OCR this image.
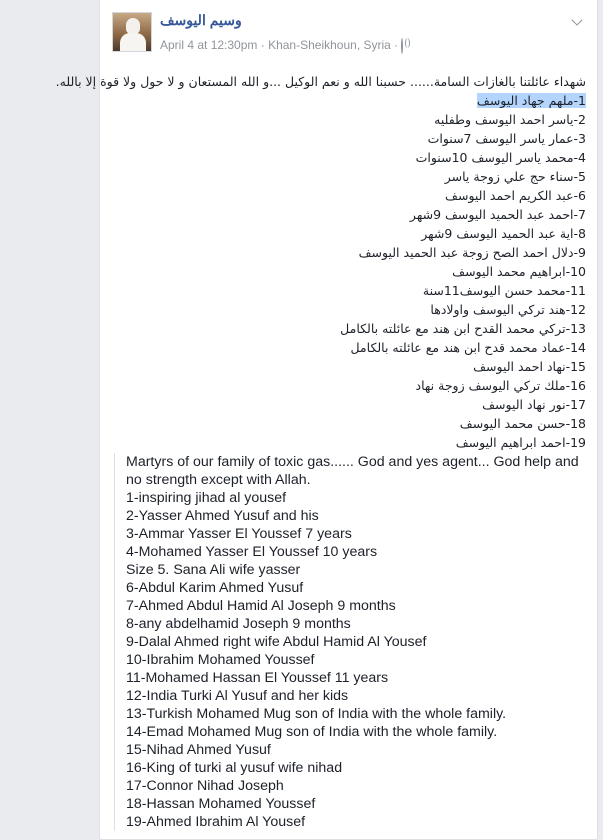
وسيم اليوسف
April 4 at 12:30pm · Khan-Sheikhoun, Syria ·
شهداء عائلتنا بالغازات السامة...... حسبنا الله و نعم الوكيل ...و الله المستعان و لا حول ولا قوة إلا بالله.
1-ملهم جهاد اليوسف
2-ياسر احمد اليوسف وطفليه
3-عمار ياسر اليوسف 7سنوات
4-محمد ياسر اليوسف 10سنوات
5-سناء حج علي زوجة ياسر
6-عبد الكريم احمد اليوسف
7-احمد عبد الحميد اليوسف 9شهر
8-اية عبد الحميد اليوسف 9شهر
9-دلال احمد الصح زوجة عبد الحميد اليوسف
10-ابراهيم محمد اليوسف
11-محمد حسن اليوسف11سنة
12-هند تركي اليوسف واولادها
13-تركي محمد القدح ابن هند مع عائلته بالكامل
14-عماد محمد قدح ابن هند مع عائلته بالكامل
15-نهاد احمد اليوسف
16-ملك تركي اليوسف زوجة نهاد
17-نور نهاد اليوسف
18-حسن محمد اليوسف
19-احمد ابراهيم اليوسف
Martyrs of our family of toxic gas...... God and yes agent... God help and
no strength except with Allah.
1-inspiring jihad al yousef
2-Yasser Ahmed Yusuf and his
3-Ammar Yasser El Youssef 7 years
4-Mohamed Yasser El Youssef 10 years
Size 5. Sana Ali wife yasser
6-Abdul Karim Ahmed Yusuf
7-Ahmed Abdul Hamid Al Joseph 9 months
8-any abdelhamid Joseph 9 months
9-Dalal Ahmed right wife Abdul Hamid Al Yousef
10-Ibrahim Mohamed Youssef
11-Mohamed Hassan El Youssef 11 years
12-India Turki Al Yusuf and her kids
13-Turkish Mohamed Mug son of India with the whole family.
14-Emad Mohamed Mug son of India with the whole family.
15-Nihad Ahmed Yusuf
16-King of turki al yusuf wife nihad
17-Connor Nihad Joseph
18-Hassan Mohamed Youssef
19-Ahmed Ibrahim Al Yousef
